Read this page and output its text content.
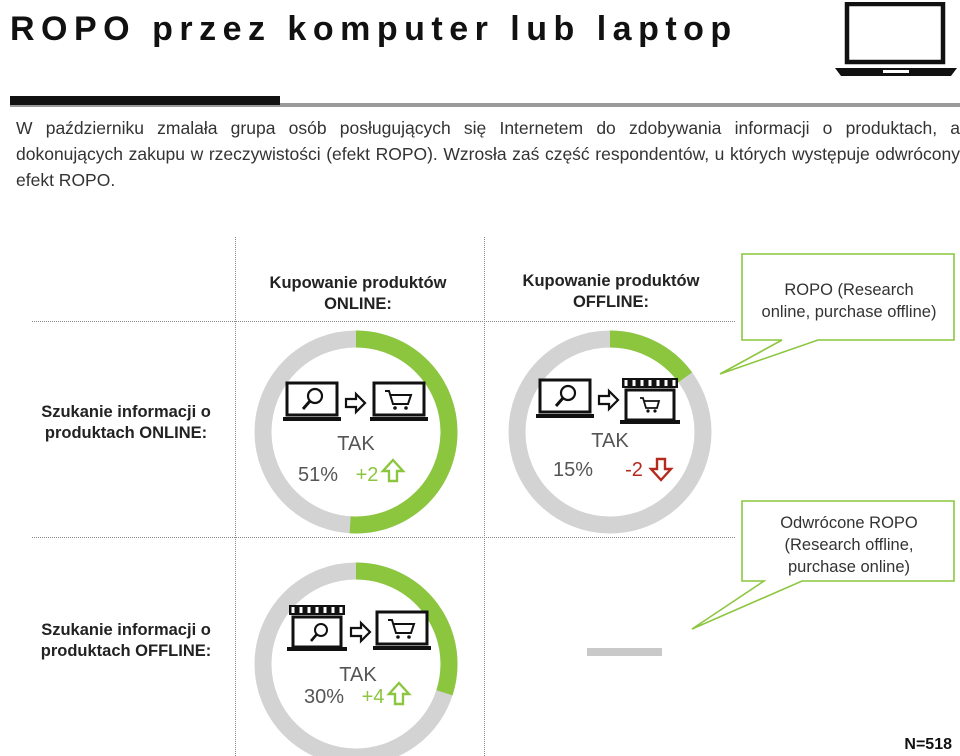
ROPO przez komputer lub laptop
W październiku zmalała grupa osób posługujących się Internetem do zdobywania informacji o produktach, a dokonujących zakupu w rzeczywistości (efekt ROPO). Wzrosła zaś część respondentów, u których występuje odwrócony efekt ROPO.
Kupowanie produktów
ONLINE:
Kupowanie produktów
OFFLINE:
Szukanie informacji o
produktach ONLINE:
Szukanie informacji o
produktach OFFLINE:
ROPO (Research
online, purchase offline)
Odwrócone ROPO
(Research offline,
purchase online)
TAK
51% +2
TAK
15% -2
TAK
30% +4
N=518
